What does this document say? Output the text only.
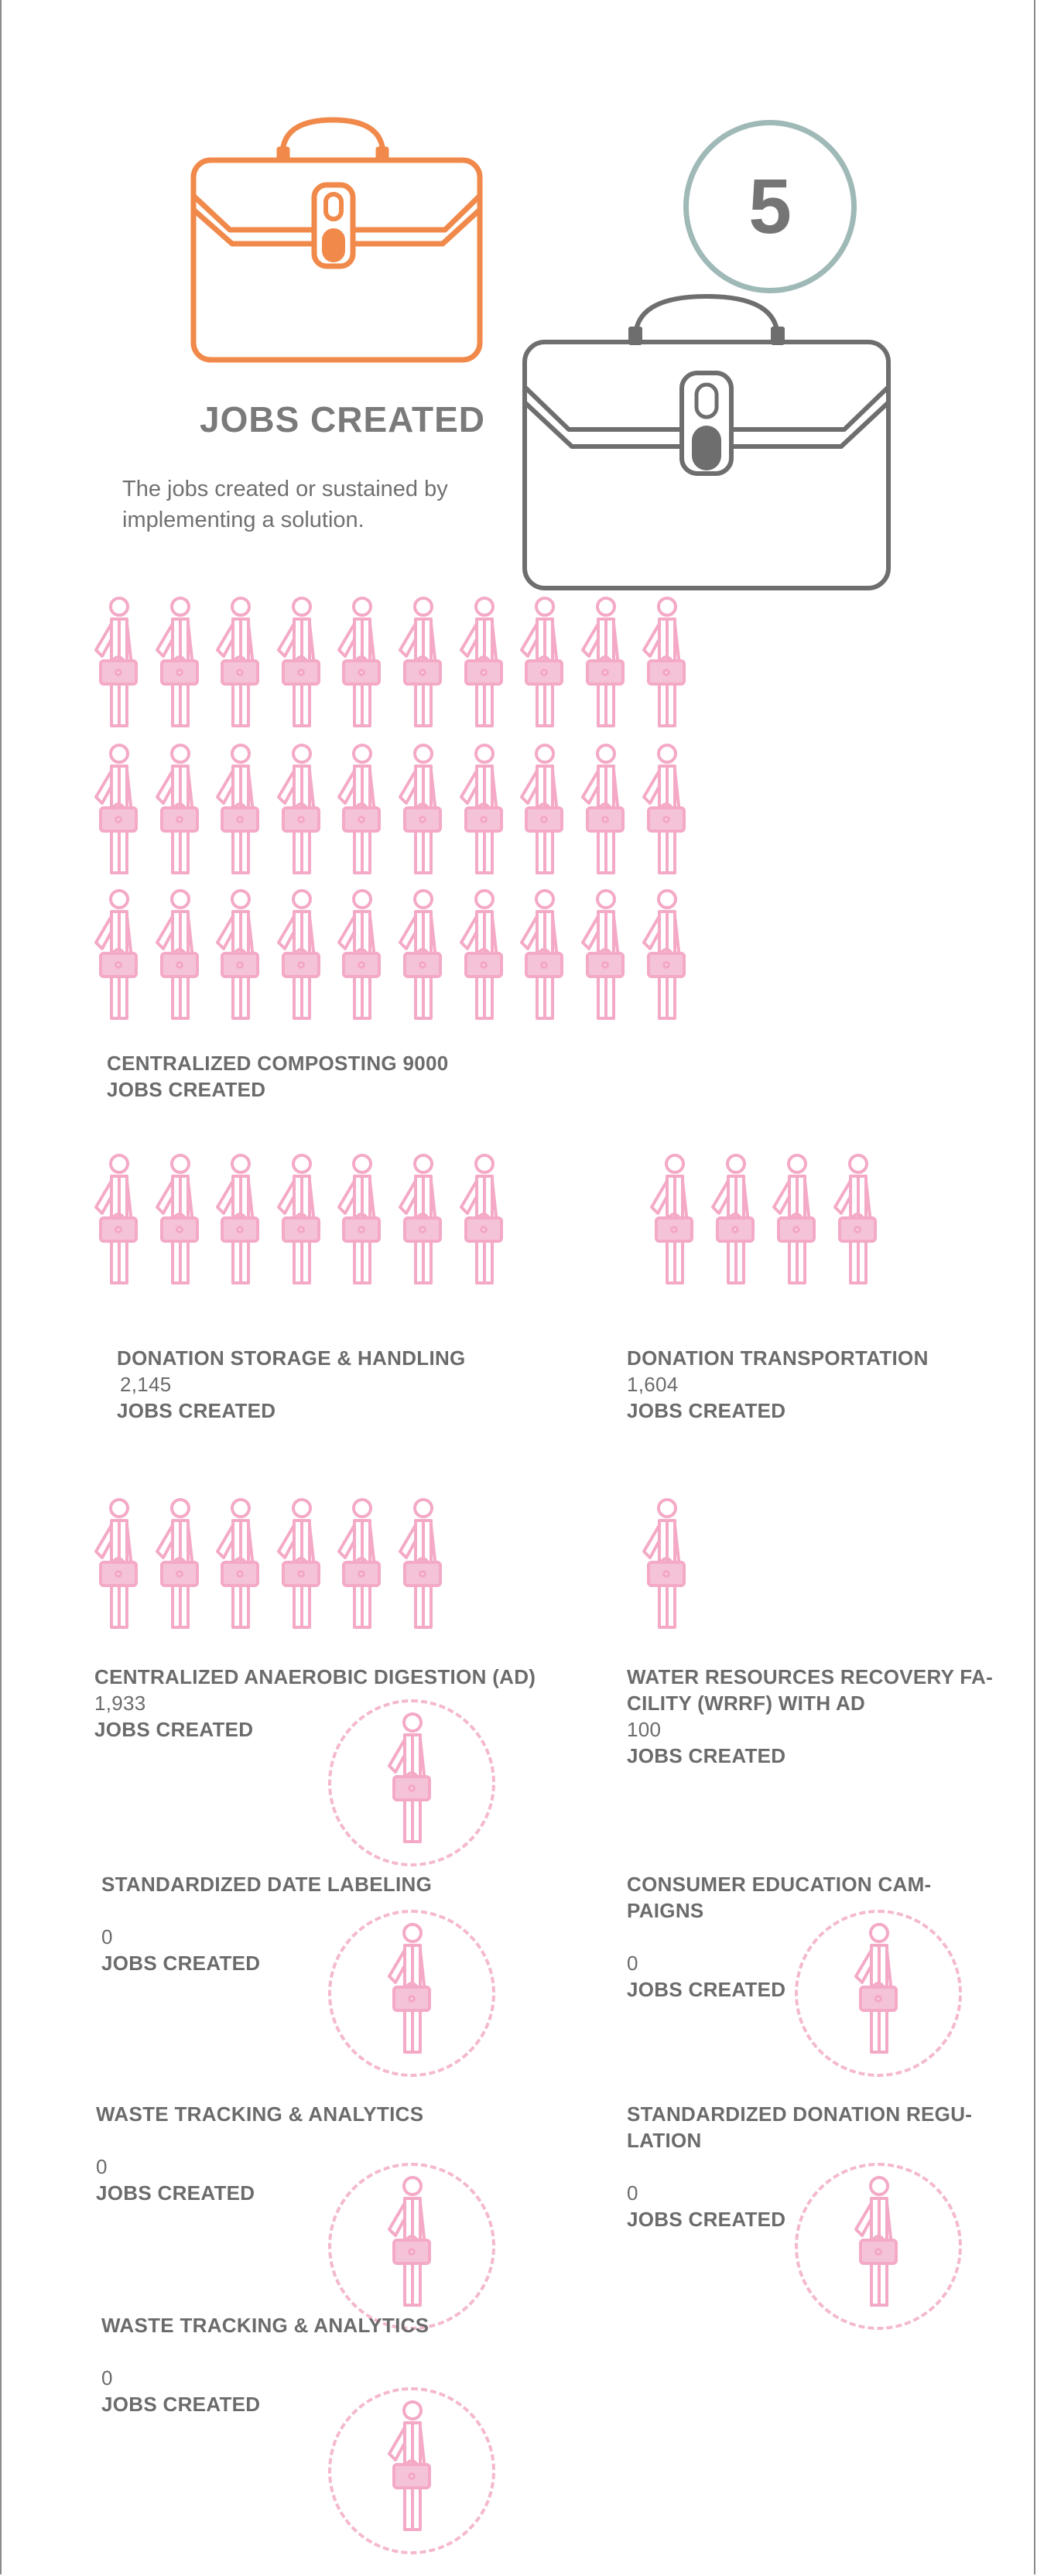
5
JOBS CREATED

The jobs created or sustained by implementing a solution.

CENTRALIZED COMPOSTING 9000
JOBS CREATED
DONATION STORAGE & HANDLING
2,145
JOBS CREATED
DONATION TRANSPORTATION
1,604
JOBS CREATED
CENTRALIZED ANAEROBIC DIGESTION (AD)
1,933
JOBS CREATED
WATER RESOURCES RECOVERY FA-
CILITY (WRRF) WITH AD
100
JOBS CREATED
STANDARDIZED DATE LABELING
0
JOBS CREATED
CONSUMER EDUCATION CAM-
PAIGNS
0
JOBS CREATED
WASTE TRACKING & ANALYTICS
0
JOBS CREATED
STANDARDIZED DONATION REGU-
LATION
0
JOBS CREATED
WASTE TRACKING & ANALYTICS
0
JOBS CREATED
